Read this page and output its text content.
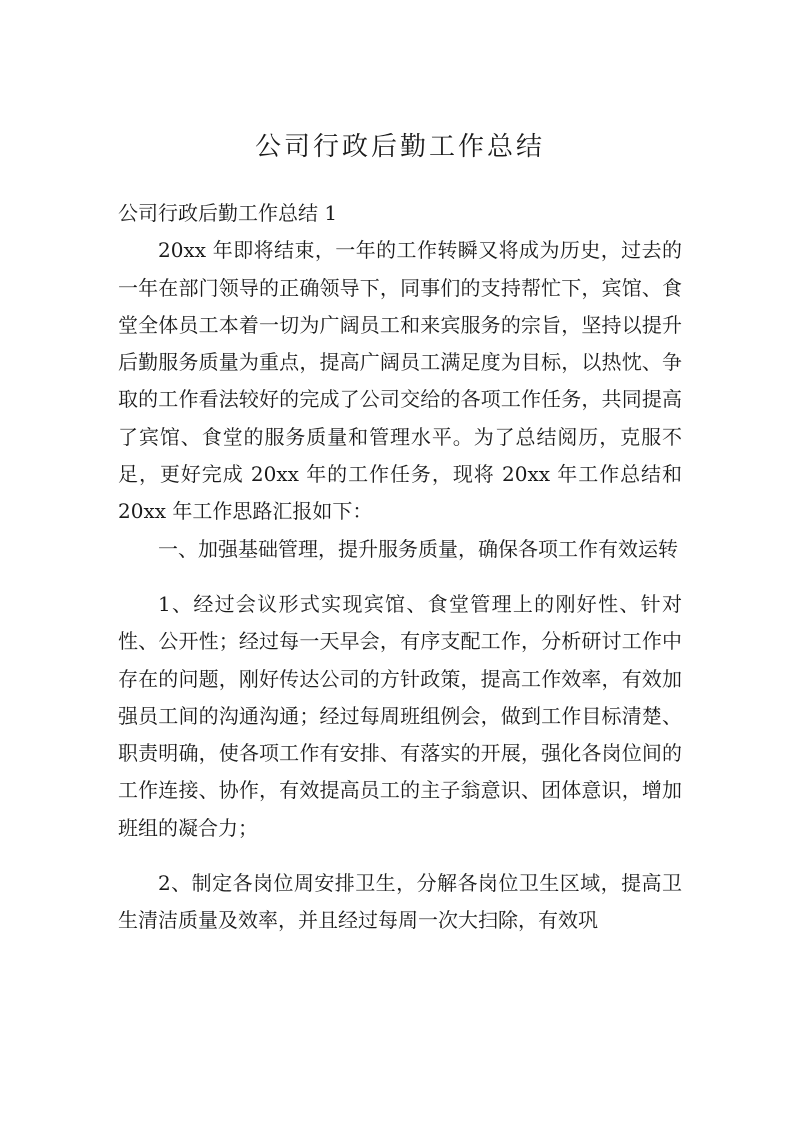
公司行政后勤工作总结

公司行政后勤工作总结 1

20xx 年即将结束，一年的工作转瞬又将成为历史，过去的一年在部门领导的正确领导下，同事们的支持帮忙下，宾馆、食堂全体员工本着一切为广阔员工和来宾服务的宗旨，坚持以提升后勤服务质量为重点，提高广阔员工满足度为目标，以热忱、争取的工作看法较好的完成了公司交给的各项工作任务，共同提高了宾馆、食堂的服务质量和管理水平。为了总结阅历，克服不足，更好完成 20xx 年的工作任务，现将 20xx 年工作总结和 20xx 年工作思路汇报如下：

一、加强基础管理，提升服务质量，确保各项工作有效运转

1、经过会议形式实现宾馆、食堂管理上的刚好性、针对性、公开性；经过每一天早会，有序支配工作，分析研讨工作中存在的问题，刚好传达公司的方针政策，提高工作效率，有效加强员工间的沟通沟通；经过每周班组例会，做到工作目标清楚、职责明确，使各项工作有安排、有落实的开展，强化各岗位间的工作连接、协作，有效提高员工的主子翁意识、团体意识，增加班组的凝合力；

2、制定各岗位周安排卫生，分解各岗位卫生区域，提高卫生清洁质量及效率，并且经过每周一次大扫除，有效巩
